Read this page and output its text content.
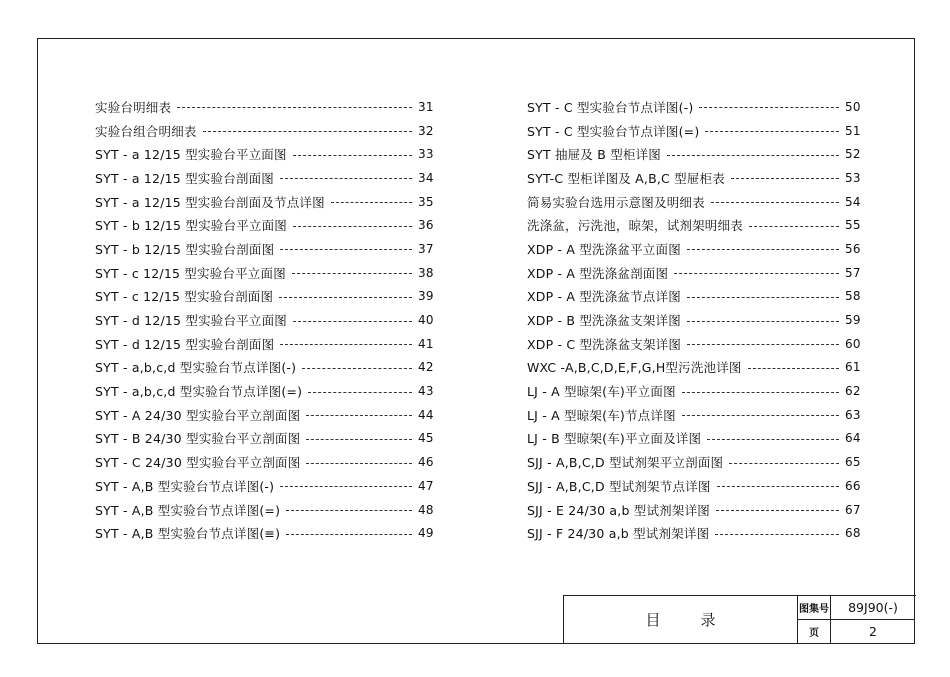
实验台明细表	31
实验台组合明细表	32
SYT - a 12/15 型实验台平立面图	33
SYT - a 12/15 型实验台剖面图	34
SYT - a 12/15 型实验台剖面及节点详图	35
SYT - b 12/15 型实验台平立面图	36
SYT - b 12/15 型实验台剖面图	37
SYT - c 12/15 型实验台平立面图	38
SYT - c 12/15 型实验台剖面图	39
SYT - d 12/15 型实验台平立面图	40
SYT - d 12/15 型实验台剖面图	41
SYT - a,b,c,d 型实验台节点详图(-)	42
SYT - a,b,c,d 型实验台节点详图(=)	43
SYT - A 24/30 型实验台平立剖面图	44
SYT - B 24/30 型实验台平立剖面图	45
SYT - C 24/30 型实验台平立剖面图	46
SYT - A,B 型实验台节点详图(-)	47
SYT - A,B 型实验台节点详图(=)	48
SYT - A,B 型实验台节点详图(≡)	49
SYT - C 型实验台节点详图(-)	50
SYT - C 型实验台节点详图(=)	51
SYT 抽屉及 B 型柜详图	52
SYT-C 型柜详图及 A,B,C 型屉柜表	53
简易实验台选用示意图及明细表	54
洗涤盆，污洗池，晾架，试剂架明细表	55
XDP - A 型洗涤盆平立面图	56
XDP - A 型洗涤盆剖面图	57
XDP - A 型洗涤盆节点详图	58
XDP - B 型洗涤盆支架详图	59
XDP - C 型洗涤盆支架详图	60
WXC -A,B,C,D,E,F,G,H型污洗池详图	61
LJ - A 型晾架(车)平立面图	62
LJ - A 型晾架(车)节点详图	63
LJ - B 型晾架(车)平立面及详图	64
SJJ - A,B,C,D 型试剂架平立剖面图	65
SJJ - A,B,C,D 型试剂架节点详图	66
SJJ - E 24/30 a,b 型试剂架详图	67
SJJ - F 24/30 a,b 型试剂架详图	68
目录
图集号	89J90(-)
页	2
